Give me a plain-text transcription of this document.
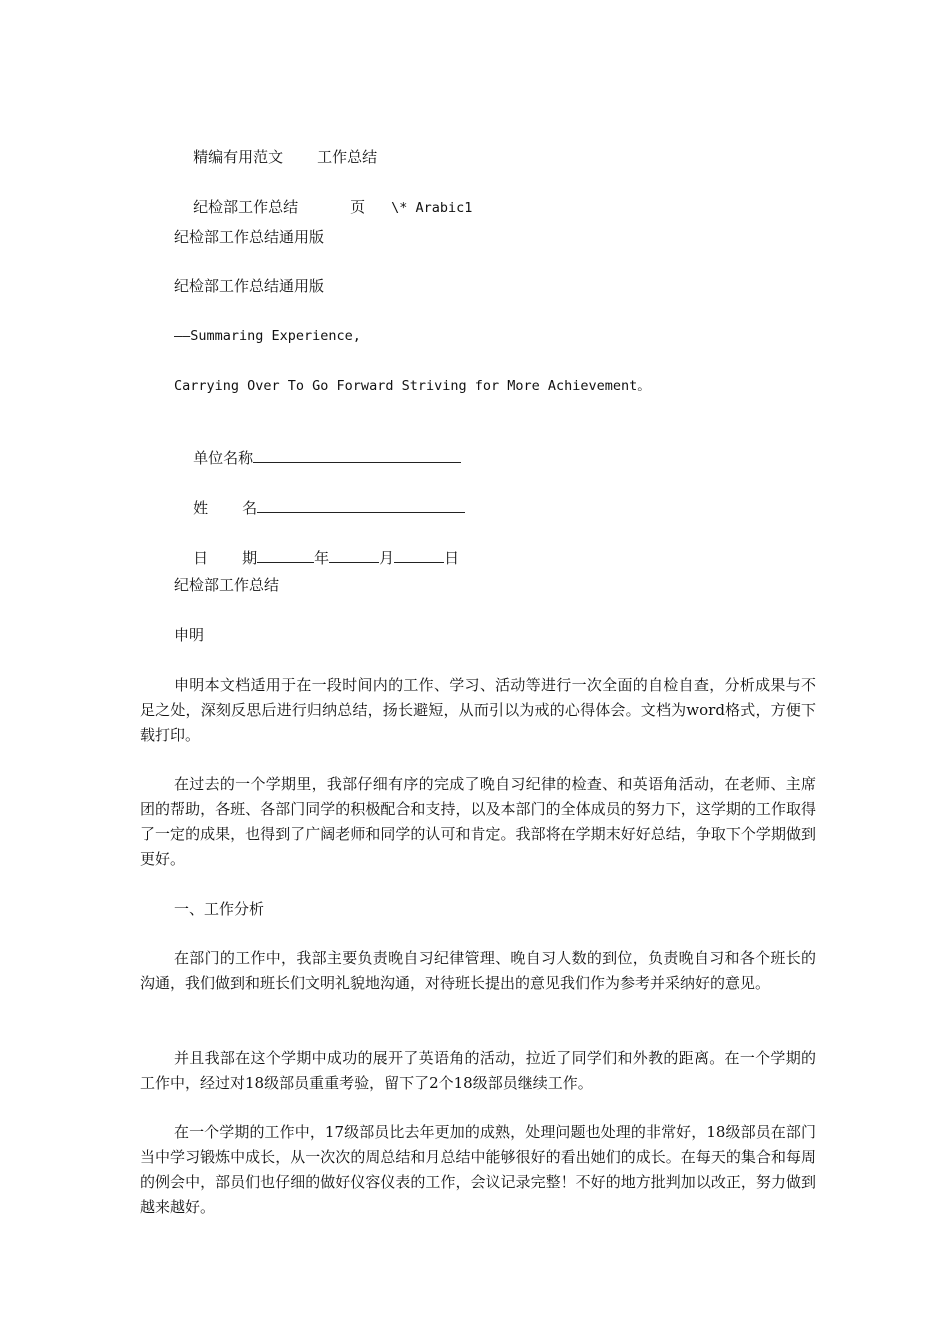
精编有用范文 工作总结

纪检部工作总结	页 \* Arabic1

纪检部工作总结通用版
纪检部工作总结通用版
——Summaring Experience,
Carrying Over To Go Forward Striving for More Achievement。

单位名称

姓 名

日 期	年	月	日

纪检部工作总结
申明
申明本文档适用于在一段时间内的工作、学习、活动等进行一次全面的自检自查，分析成果与不足之处，深刻反思后进行归纳总结，扬长避短，从而引以为戒的心得体会。文档为word格式，方便下载打印。
在过去的一个学期里，我部仔细有序的完成了晚自习纪律的检查、和英语角活动，在老师、主席团的帮助，各班、各部门同学的积极配合和支持，以及本部门的全体成员的努力下，这学期的工作取得了一定的成果，也得到了广阔老师和同学的认可和肯定。我部将在学期末好好总结，争取下个学期做到更好。
一、工作分析
在部门的工作中，我部主要负责晚自习纪律管理、晚自习人数的到位，负责晚自习和各个班长的沟通，我们做到和班长们文明礼貌地沟通，对待班长提出的意见我们作为参考并采纳好的意见。
并且我部在这个学期中成功的展开了英语角的活动，拉近了同学们和外教的距离。在一个学期的工作中，经过对18级部员重重考验，留下了2个18级部员继续工作。
在一个学期的工作中，17级部员比去年更加的成熟，处理问题也处理的非常好，18级部员在部门当中学习锻炼中成长，从一次次的周总结和月总结中能够很好的看出她们的成长。在每天的集合和每周的例会中，部员们也仔细的做好仪容仪表的工作，会议记录完整！不好的地方批判加以改正，努力做到越来越好。
